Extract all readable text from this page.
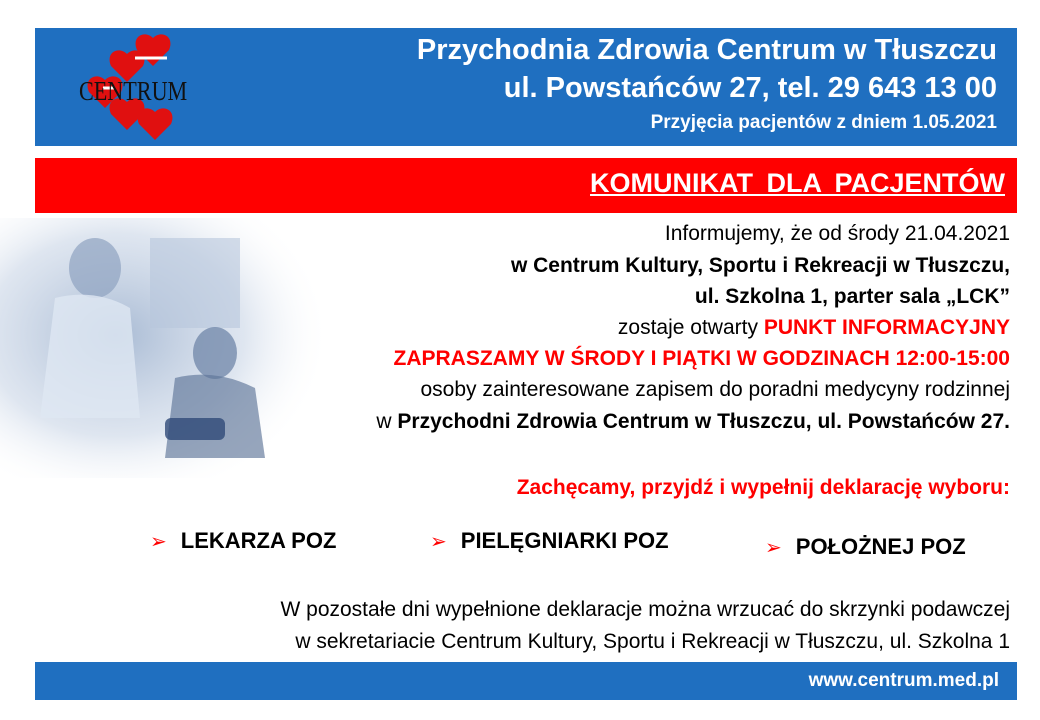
CENTRUM
Przychodnia Zdrowia Centrum w Tłuszczu
ul. Powstańców 27, tel. 29 643 13 00
Przyjęcia pacjentów z dniem 1.05.2021
KOMUNIKAT DLA PACJENTÓW
Informujemy, że od środy 21.04.2021
w Centrum Kultury, Sportu i Rekreacji w Tłuszczu,
ul. Szkolna 1, parter sala „LCK”
zostaje otwarty PUNKT INFORMACYJNY
ZAPRASZAMY W ŚRODY I PIĄTKI W GODZINACH 12:00-15:00
osoby zainteresowane zapisem do poradni medycyny rodzinnej
w Przychodni Zdrowia Centrum w Tłuszczu, ul. Powstańców 27.
Zachęcamy, przyjdź i wypełnij deklarację wyboru:
➢ LEKARZA POZ	➢ PIELĘGNIARKI POZ	➢ POŁOŻNEJ POZ
W pozostałe dni wypełnione deklaracje można wrzucać do skrzynki podawczej
w sekretariacie Centrum Kultury, Sportu i Rekreacji w Tłuszczu, ul. Szkolna 1
www.centrum.med.pl
